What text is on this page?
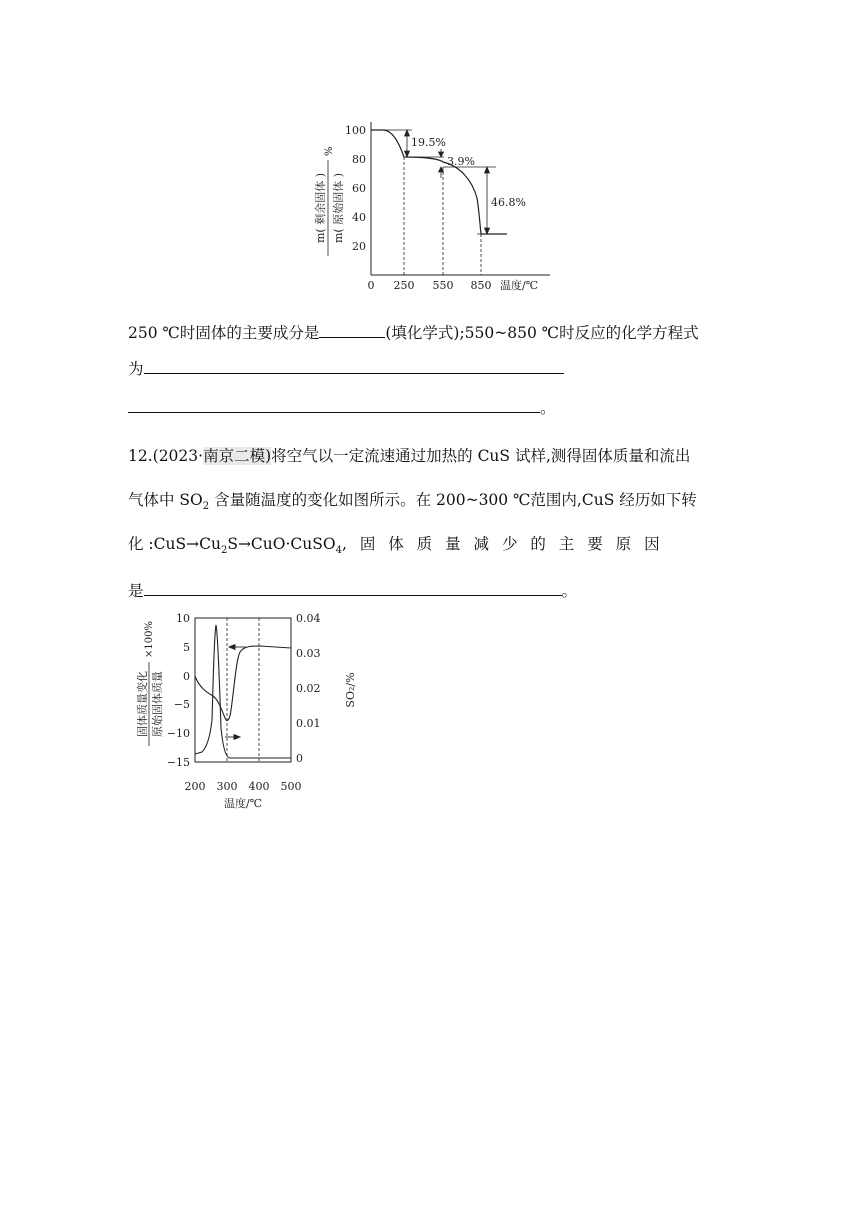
m( 剩余固体 ) m( 原始固体 )
%
100
80
60
40
20
0 250 550 850 温度/℃
19.5%
3.9%
46.8%
250 ℃时固体的主要成分是	(填化学式);550~850 ℃时反应的化学方程式
为
。
12.(2023·南京二模)将空气以一定流速通过加热的 CuS 试样,测得固体质量和流出
气体中 $SO_2$ 含量随温度的变化如图所示。在 200~300 ℃范围内,CuS 经历如下转
化 $:CuS\to Cu_2S\to CuO\cdot CuSO_4$, 固 体 质 量 减 少 的 主 要 原 因
是	。
固体质量变化 原始固体质量
×100%
10
5
0
−5
−10
−15
0.04
0.03
0.02
0.01
0
SO₂/%
200 300 400 500
温度/℃
